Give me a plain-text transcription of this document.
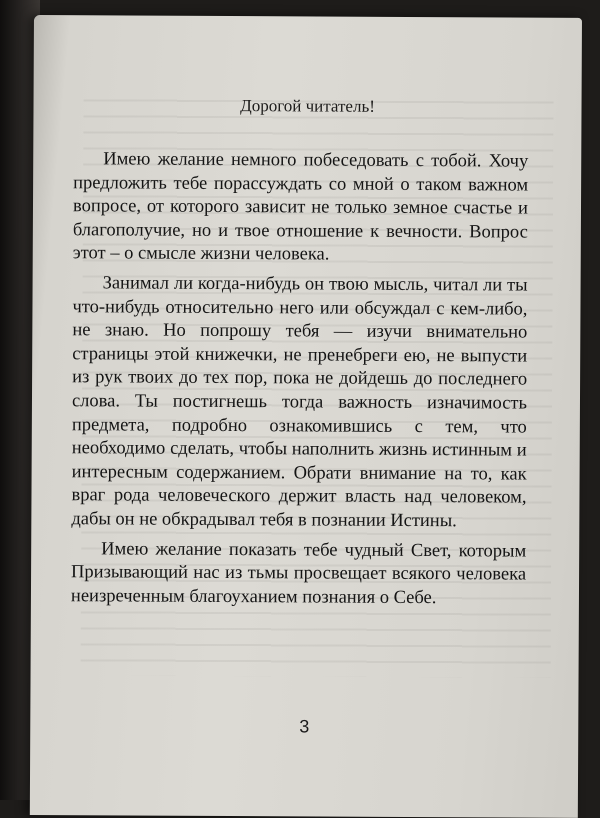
Дорогой читатель!

Имею желание немного побеседовать с тобой. Хочу предложить тебе порассуждать со мной о таком важном вопросе, от которого зависит не только земное счастье и благополучие, но и твое отношение к вечности. Вопрос этот – о смысле жизни человека.

Занимал ли когда-нибудь он твою мысль, читал ли ты что-нибудь относительно него или обсуждал с кем-либо, не знаю. Но попрошу тебя — изучи внимательно страницы этой книжечки, не пренебреги ею, не выпусти из рук твоих до тех пор, пока не дойдешь до последнего слова. Ты постигнешь тогда важность изначимость предмета, подробно ознакомившись с тем, что необходимо сделать, чтобы наполнить жизнь истинным и интересным содержанием. Обрати внимание на то, как враг рода человеческого держит власть над человеком, дабы он не обкрадывал тебя в познании Истины.

Имею желание показать тебе чудный Свет, которым Призывающий нас из тьмы просвещает всякого человека неизреченным благоуханием познания о Себе.

3
